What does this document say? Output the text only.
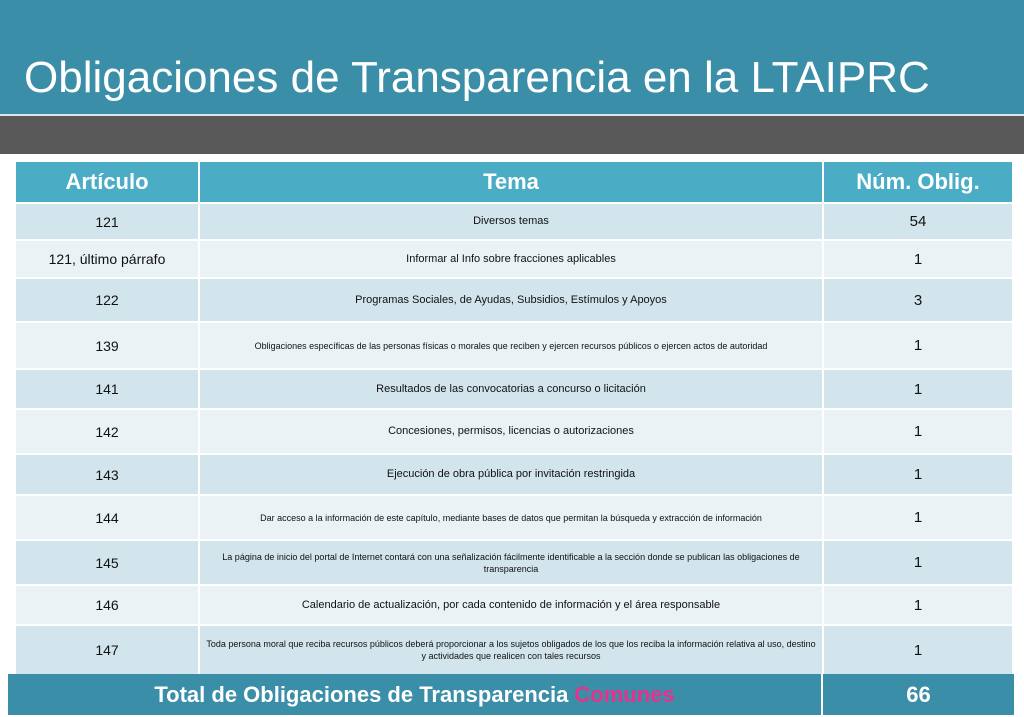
Obligaciones de Transparencia en la LTAIPRC
Artículo	Tema	Núm. Oblig.
121	Diversos temas	54
121, último párrafo	Informar al Info sobre fracciones aplicables	1
122	Programas Sociales, de Ayudas, Subsidios, Estímulos y Apoyos	3
139	Obligaciones específicas de las personas físicas o morales que reciben y ejercen recursos públicos o ejercen actos de autoridad	1
141	Resultados de las convocatorias a concurso o licitación	1
142	Concesiones, permisos, licencias o autorizaciones	1
143	Ejecución de obra pública por invitación restringida	1
144	Dar acceso a la información de este capítulo, mediante bases de datos que permitan la búsqueda y extracción de información	1
145	La página de inicio del portal de Internet contará con una señalización fácilmente identificable a la sección donde se publican las obligaciones de transparencia	1
146	Calendario de actualización, por cada contenido de información y el área responsable	1
147	Toda persona moral que reciba recursos públicos deberá proporcionar a los sujetos obligados de los que los reciba la información relativa al uso, destino y actividades que realicen con tales recursos	1
Total de Obligaciones de Transparencia Comunes	66
